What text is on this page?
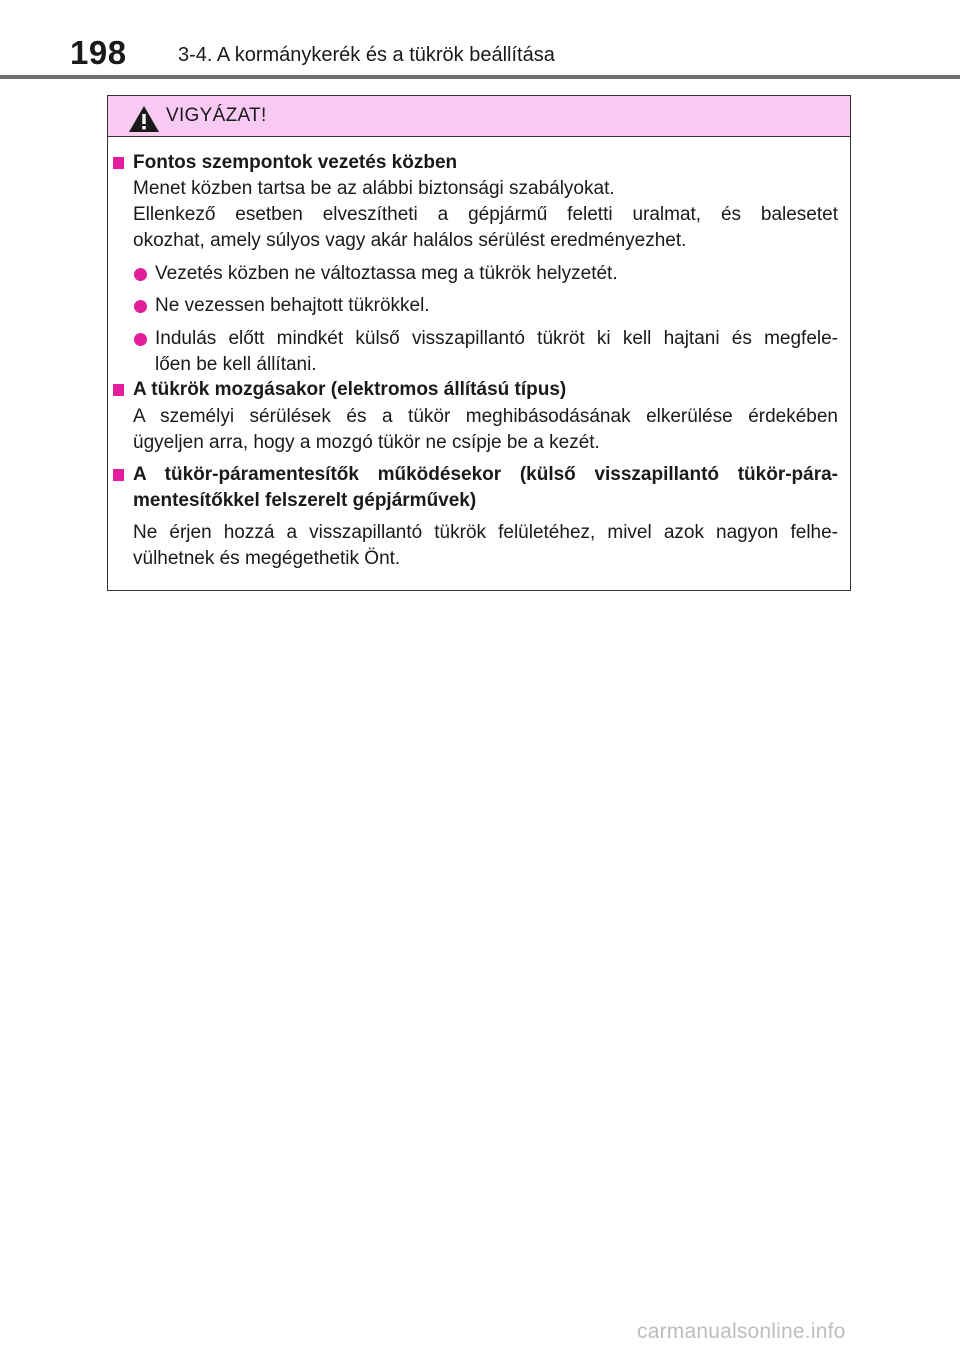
198	3-4. A kormánykerék és a tükrök beállítása
VIGYÁZAT!
Fontos szempontok vezetés közben
Menet közben tartsa be az alábbi biztonsági szabályokat.
Ellenkező esetben elveszítheti a gépjármű feletti uralmat, és balesetet
okozhat, amely súlyos vagy akár halálos sérülést eredményezhet.
Vezetés közben ne változtassa meg a tükrök helyzetét.
Ne vezessen behajtott tükrökkel.
Indulás előtt mindkét külső visszapillantó tükröt ki kell hajtani és megfele-
lően be kell állítani.
A tükrök mozgásakor (elektromos állítású típus)
A személyi sérülések és a tükör meghibásodásának elkerülése érdekében
ügyeljen arra, hogy a mozgó tükör ne csípje be a kezét.
A tükör-páramentesítők működésekor (külső visszapillantó tükör-pára-
mentesítőkkel felszerelt gépjárművek)
Ne érjen hozzá a visszapillantó tükrök felületéhez, mivel azok nagyon felhe-
vülhetnek és megégethetik Önt.
carmanualsonline.info
